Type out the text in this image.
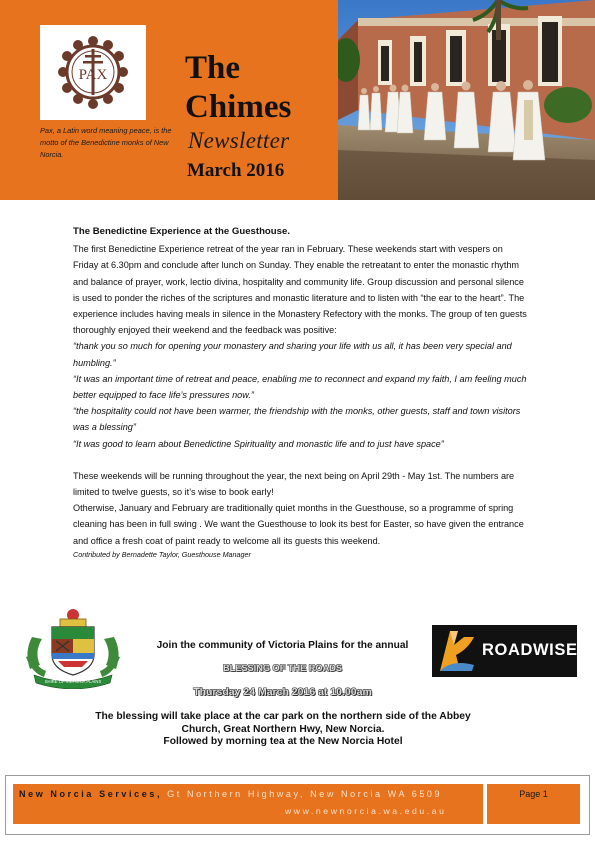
PAX
Pax, a Latin word meaning peace, is the motto of the Benedictine monks of New Norcia.
The
Chimes
Newsletter
March 2016
The Benedictine Experience at the Guesthouse.

The first Benedictine Experience retreat of the year ran in February. These weekends start with vespers on Friday at 6.30pm and conclude after lunch on Sunday. They enable the retreatant to enter the monastic rhythm and balance of prayer, work, lectio divina, hospitality and community life. Group discussion and personal silence is used to ponder the riches of the scriptures and monastic literature and to listen with “the ear to the heart”. The experience includes having meals in silence in the Monastery Refectory with the monks. The group of ten guests thoroughly enjoyed their weekend and the feedback was positive:

“thank you so much for opening your monastery and sharing your life with us all, it has been very special and humbling.”

“It was an important time of retreat and peace, enabling me to reconnect and expand my faith, I am feeling much better equipped to face life’s pressures now.”

“the hospitality could not have been warmer, the friendship with the monks, other guests, staff and town visitors was a blessing”

“It was good to learn about Benedictine Spirituality and monastic life and to just have space”

These weekends will be running throughout the year, the next being on April 29th - May 1st. The numbers are limited to twelve guests, so it’s wise to book early!

Otherwise, January and February are traditionally quiet months in the Guesthouse, so a programme of spring cleaning has been in full swing . We want the Guesthouse to look its best for Easter, so have given the entrance and office a fresh coat of paint ready to welcome all its guests this weekend.

Contributed by Bernadette Taylor, Guesthouse Manager

SHIRE OF VICTORIA PLAINS
ROADWISE
Join the community of Victoria Plains for the annual
BLESSING OF THE ROADS
Thursday 24 March 2016 at 10.00am
The blessing will take place at the car park on the northern side of the Abbey
Church, Great Northern Hwy, New Norcia.
Followed by morning tea at the New Norcia Hotel
New Norcia Services, Gt Northern Highway, New Norcia WA 6509
www.newnorcia.wa.edu.au
Page 1
